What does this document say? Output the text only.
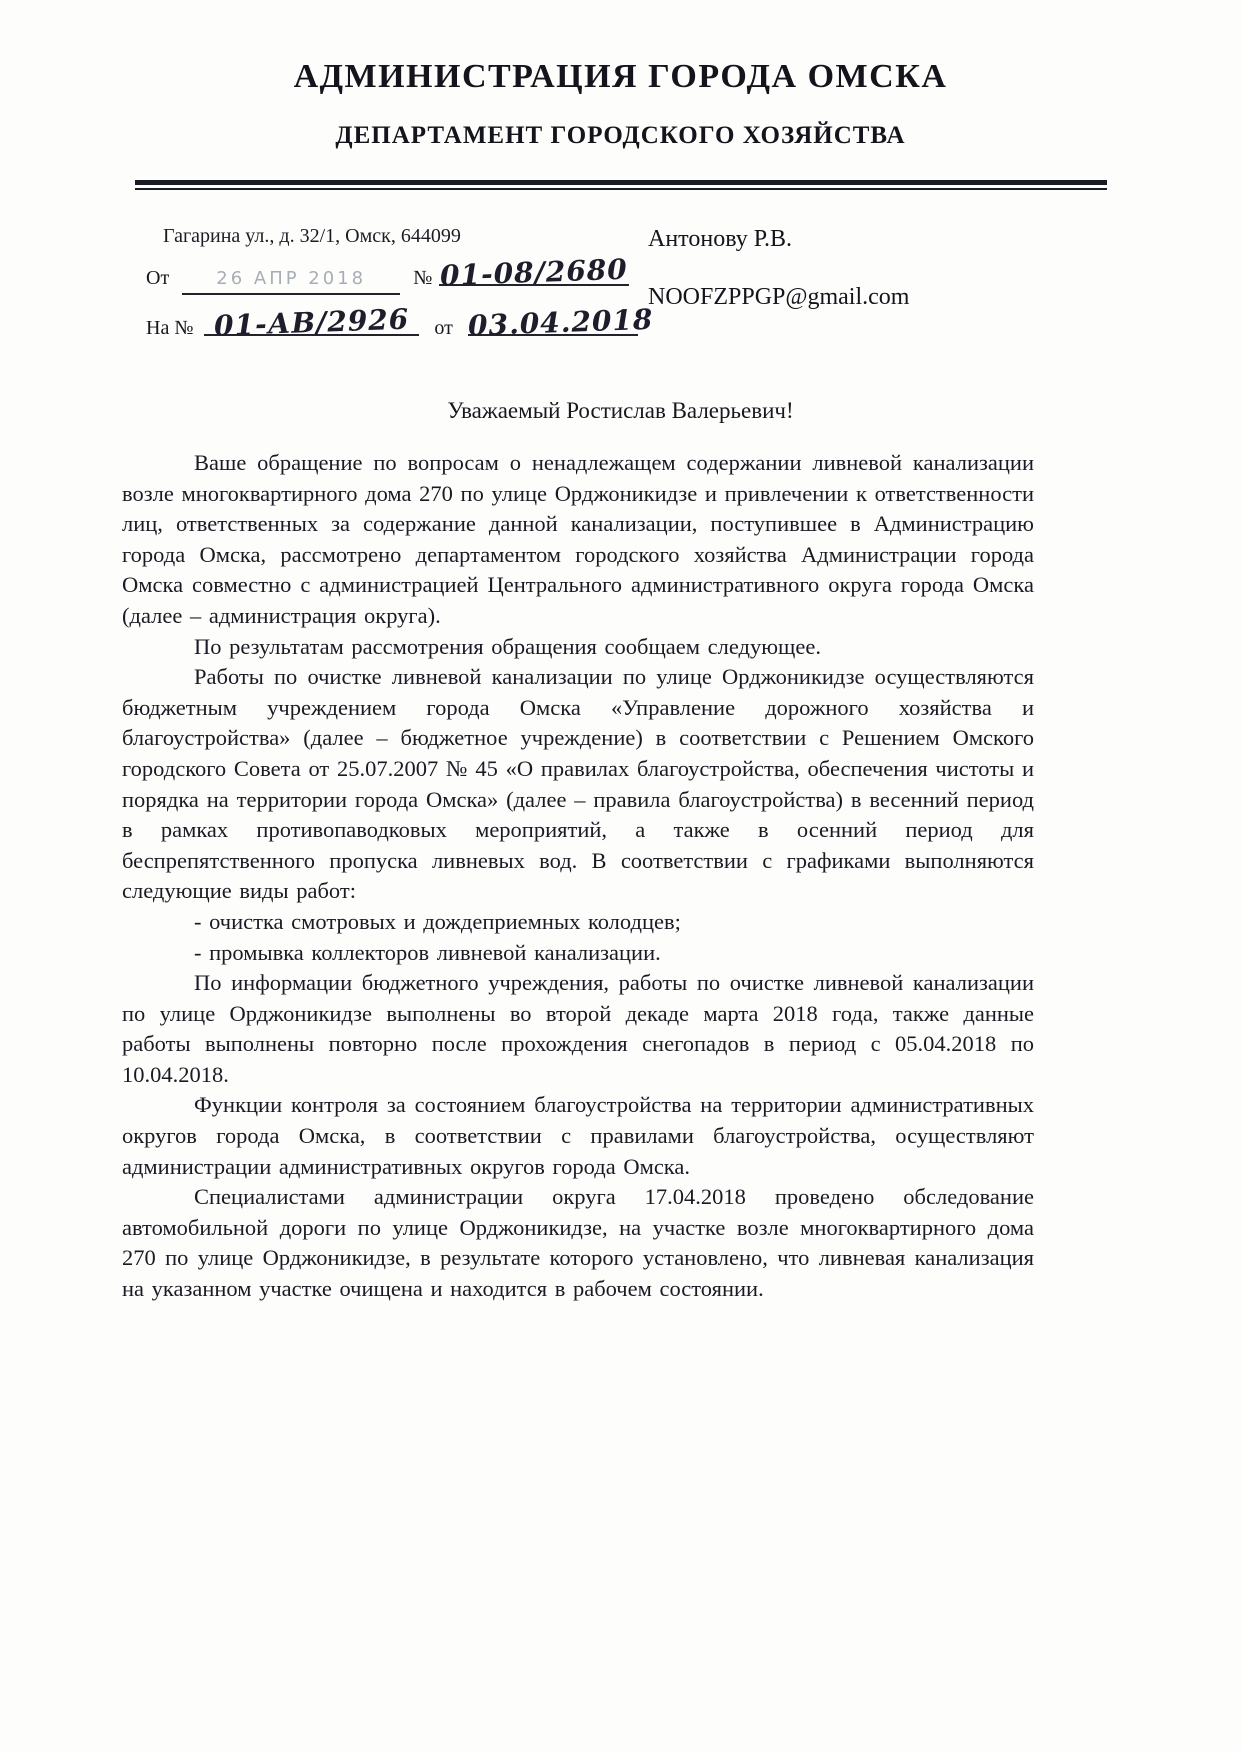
АДМИНИСТРАЦИЯ ГОРОДА ОМСКА
ДЕПАРТАМЕНТ ГОРОДСКОГО ХОЗЯЙСТВА
Гагарина ул., д. 32/1, Омск, 644099
От	26 АПР 2018 № 01-08/2680
На № 01-АВ/2926 от 03.04.2018
Антонову Р.В.
NOOFZPPGP@gmail.com
Уважаемый Ростислав Валерьевич!

Ваше обращение по вопросам о ненадлежащем содержании ливневой канализации возле многоквартирного дома 270 по улице Орджоникидзе и привлечении к ответственности лиц, ответственных за содержание данной канализации, поступившее в Администрацию города Омска, рассмотрено департаментом городского хозяйства Администрации города Омска совместно с администрацией Центрального административного округа города Омска (далее – администрация округа).

По результатам рассмотрения обращения сообщаем следующее.

Работы по очистке ливневой канализации по улице Орджоникидзе осуществляются бюджетным учреждением города Омска «Управление дорожного хозяйства и благоустройства» (далее – бюджетное учреждение) в соответствии с Решением Омского городского Совета от 25.07.2007 № 45 «О правилах благоустройства, обеспечения чистоты и порядка на территории города Омска» (далее – правила благоустройства) в весенний период в рамках противопаводковых мероприятий, а также в осенний период для беспрепятственного пропуска ливневых вод. В соответствии с графиками выполняются следующие виды работ:

- очистка смотровых и дождеприемных колодцев;

- промывка коллекторов ливневой канализации.

По информации бюджетного учреждения, работы по очистке ливневой канализации по улице Орджоникидзе выполнены во второй декаде марта 2018 года, также данные работы выполнены повторно после прохождения снегопадов в период с 05.04.2018 по 10.04.2018.

Функции контроля за состоянием благоустройства на территории административных округов города Омска, в соответствии с правилами благоустройства, осуществляют администрации административных округов города Омска.

Специалистами администрации округа 17.04.2018 проведено обследование автомобильной дороги по улице Орджоникидзе, на участке возле многоквартирного дома 270 по улице Орджоникидзе, в результате которого установлено, что ливневая канализация на указанном участке очищена и находится в рабочем состоянии.
